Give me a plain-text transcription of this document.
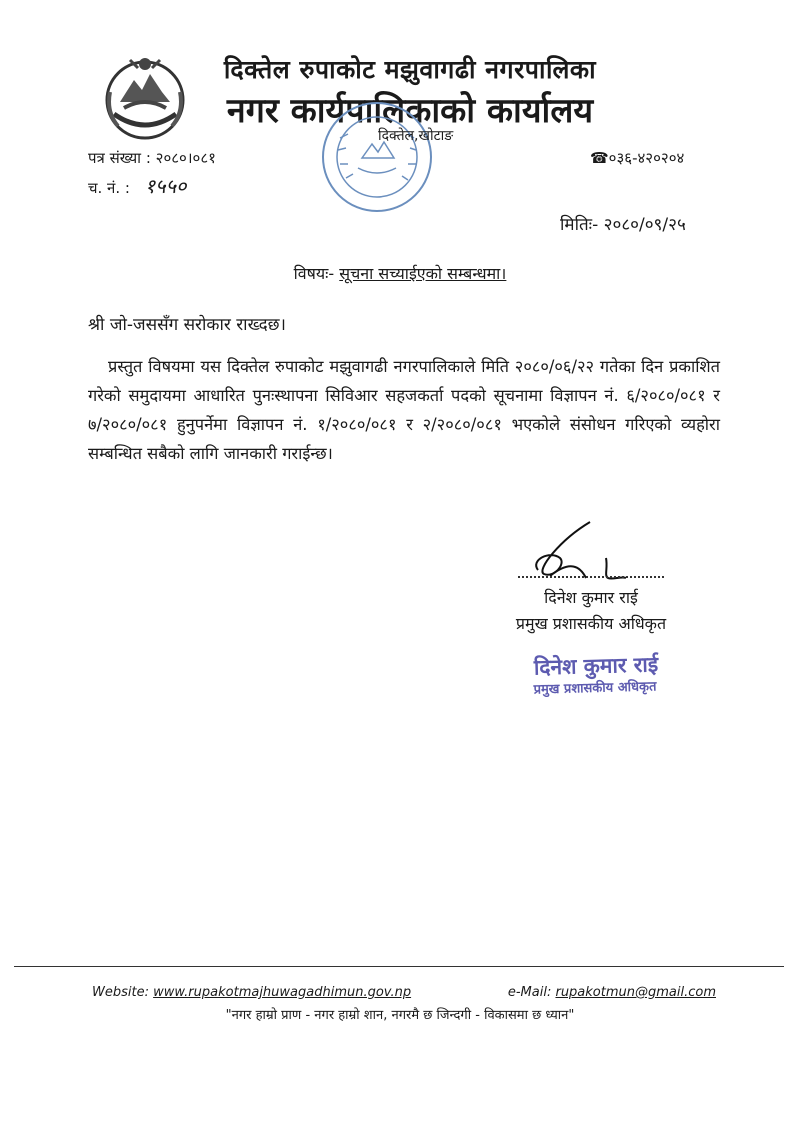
दिक्तेल रुपाकोट मझुवागढी नगरपालिका
नगर कार्यपालिकाको कार्यालय
दिक्तेल,खोटाङ
पत्र संख्या : २०८०।०८१
च. नं. : १५५०
☎०३६-४२०२०४
मितिः- २०८०/०९/२५
विषयः- सूचना सच्याईएको सम्बन्धमा।
श्री जो-जससँग सरोकार राख्दछ।
प्रस्तुत विषयमा यस दिक्तेल रुपाकोट मझुवागढी नगरपालिकाले मिति २०८०/०६/२२ गतेका दिन प्रकाशित गरेको समुदायमा आधारित पुनःस्थापना सिविआर सहजकर्ता पदको सूचनामा विज्ञापन नं. ६/२०८०/०८१ र ७/२०८०/०८१ हुनुपर्नेमा विज्ञापन नं. १/२०८०/०८१ र २/२०८०/०८१ भएकोले संसोधन गरिएको व्यहोरा सम्बन्धित सबैको लागि जानकारी गराईन्छ।
दिनेश कुमार राई
प्रमुख प्रशासकीय अधिकृत
दिनेश कुमार राई
प्रमुख प्रशासकीय अधिकृत
Website: www.rupakotmajhuwagadhimun.gov.np	e-Mail: rupakotmun@gmail.com
"नगर हाम्रो प्राण - नगर हाम्रो शान, नगरमै छ जिन्दगी - विकासमा छ ध्यान"
